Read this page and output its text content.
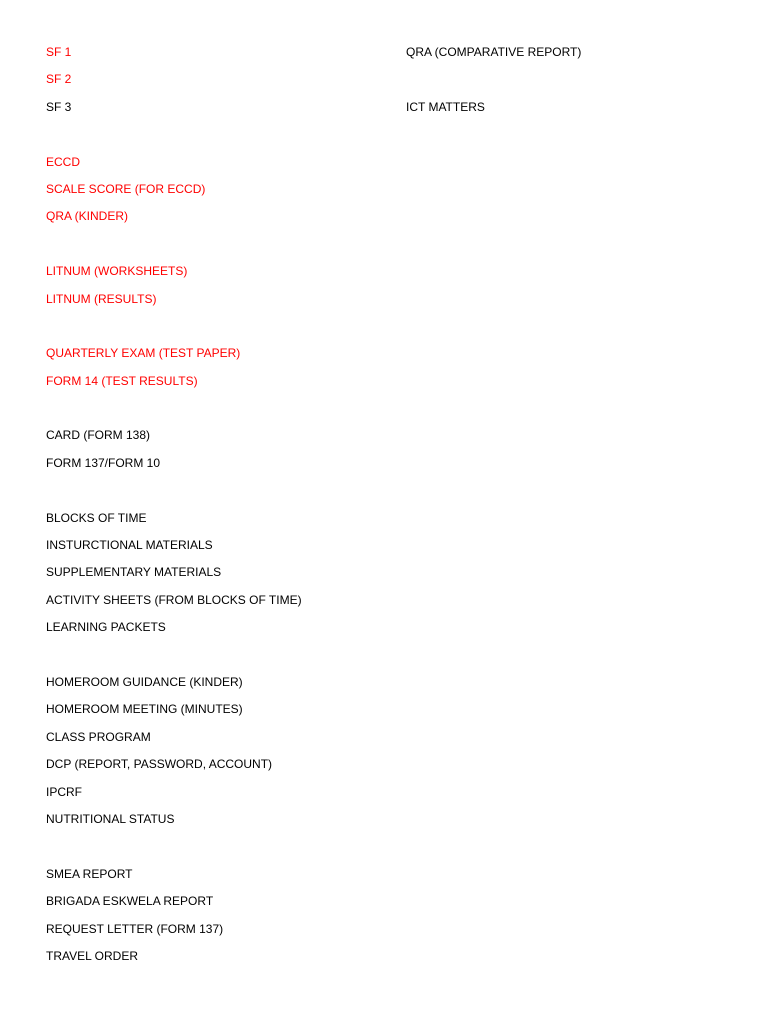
SF 1
SF 2
SF 3
ECCD
SCALE SCORE (FOR ECCD)
QRA (KINDER)
LITNUM (WORKSHEETS)
LITNUM (RESULTS)
QUARTERLY EXAM (TEST PAPER)
FORM 14 (TEST RESULTS)
CARD (FORM 138)
FORM 137/FORM 10
BLOCKS OF TIME
INSTURCTIONAL MATERIALS
SUPPLEMENTARY MATERIALS
ACTIVITY SHEETS (FROM BLOCKS OF TIME)
LEARNING PACKETS
HOMEROOM GUIDANCE (KINDER)
HOMEROOM MEETING (MINUTES)
CLASS PROGRAM
DCP (REPORT, PASSWORD, ACCOUNT)
IPCRF
NUTRITIONAL STATUS
SMEA REPORT
BRIGADA ESKWELA REPORT
REQUEST LETTER (FORM 137)
TRAVEL ORDER
QRA (COMPARATIVE REPORT)
ICT MATTERS
